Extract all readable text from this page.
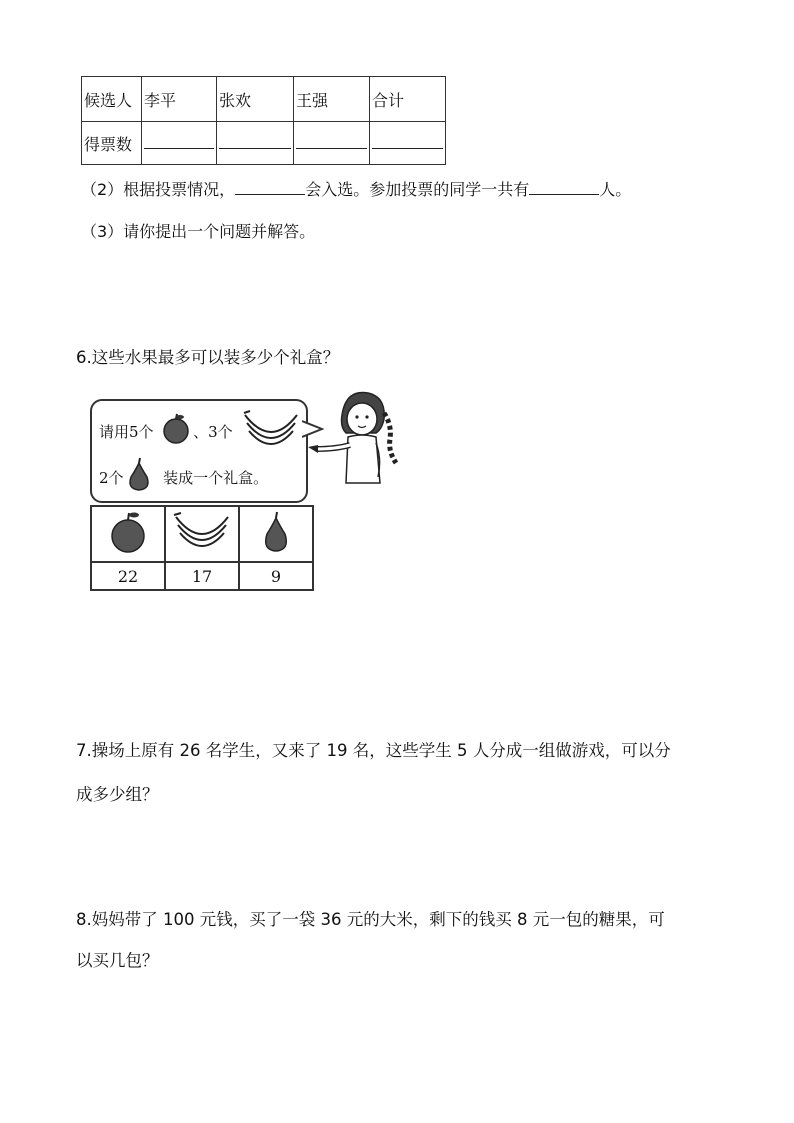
候选人	李平	张欢	王强	合计
得票数				
（2）根据投票情况，	会入选。参加投票的同学一共有	人。
（3）请你提出一个问题并解答。
6.这些水果最多可以装多少个礼盒？
请用5个	、3个
2个	装成一个礼盒。

22	17	9
7.操场上原有 26 名学生，又来了 19 名，这些学生 5 人分成一组做游戏，可以分
成多少组？
8.妈妈带了 100 元钱，买了一袋 36 元的大米，剩下的钱买 8 元一包的糖果，可
以买几包？
